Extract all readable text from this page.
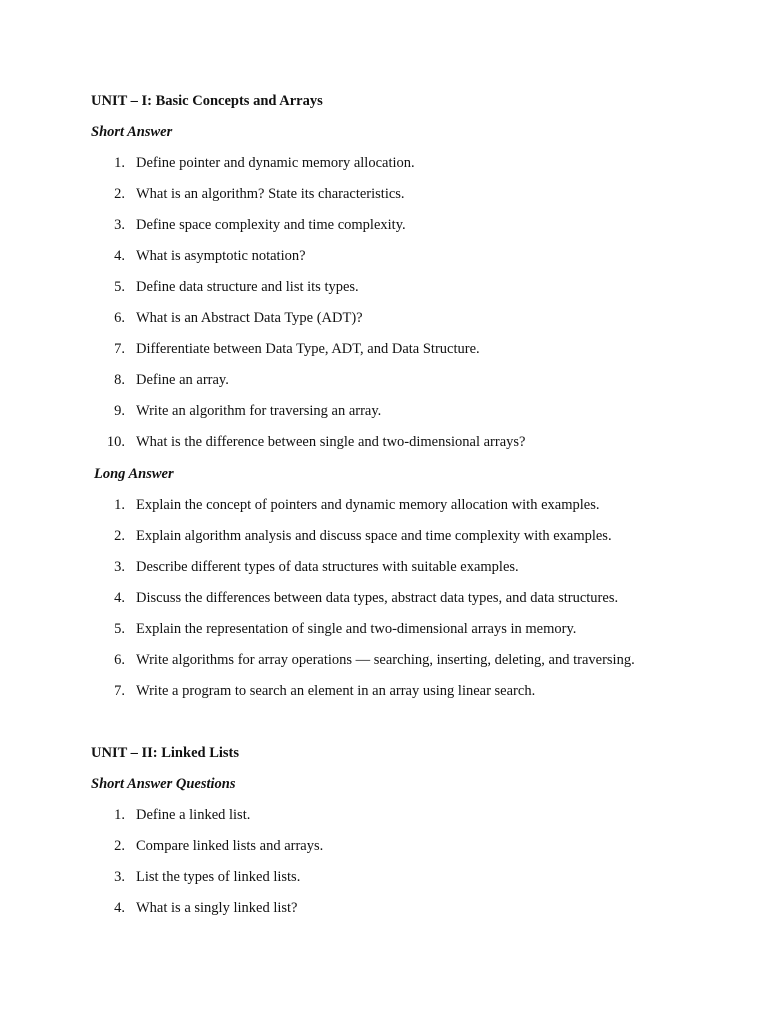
UNIT – I: Basic Concepts and Arrays
Short Answer
1. Define pointer and dynamic memory allocation.
2. What is an algorithm? State its characteristics.
3. Define space complexity and time complexity.
4. What is asymptotic notation?
5. Define data structure and list its types.
6. What is an Abstract Data Type (ADT)?
7. Differentiate between Data Type, ADT, and Data Structure.
8. Define an array.
9. Write an algorithm for traversing an array.
10. What is the difference between single and two-dimensional arrays?
Long Answer
1. Explain the concept of pointers and dynamic memory allocation with examples.
2. Explain algorithm analysis and discuss space and time complexity with examples.
3. Describe different types of data structures with suitable examples.
4. Discuss the differences between data types, abstract data types, and data structures.
5. Explain the representation of single and two-dimensional arrays in memory.
6. Write algorithms for array operations — searching, inserting, deleting, and traversing.
7. Write a program to search an element in an array using linear search.
UNIT – II: Linked Lists
Short Answer Questions
1. Define a linked list.
2. Compare linked lists and arrays.
3. List the types of linked lists.
4. What is a singly linked list?
